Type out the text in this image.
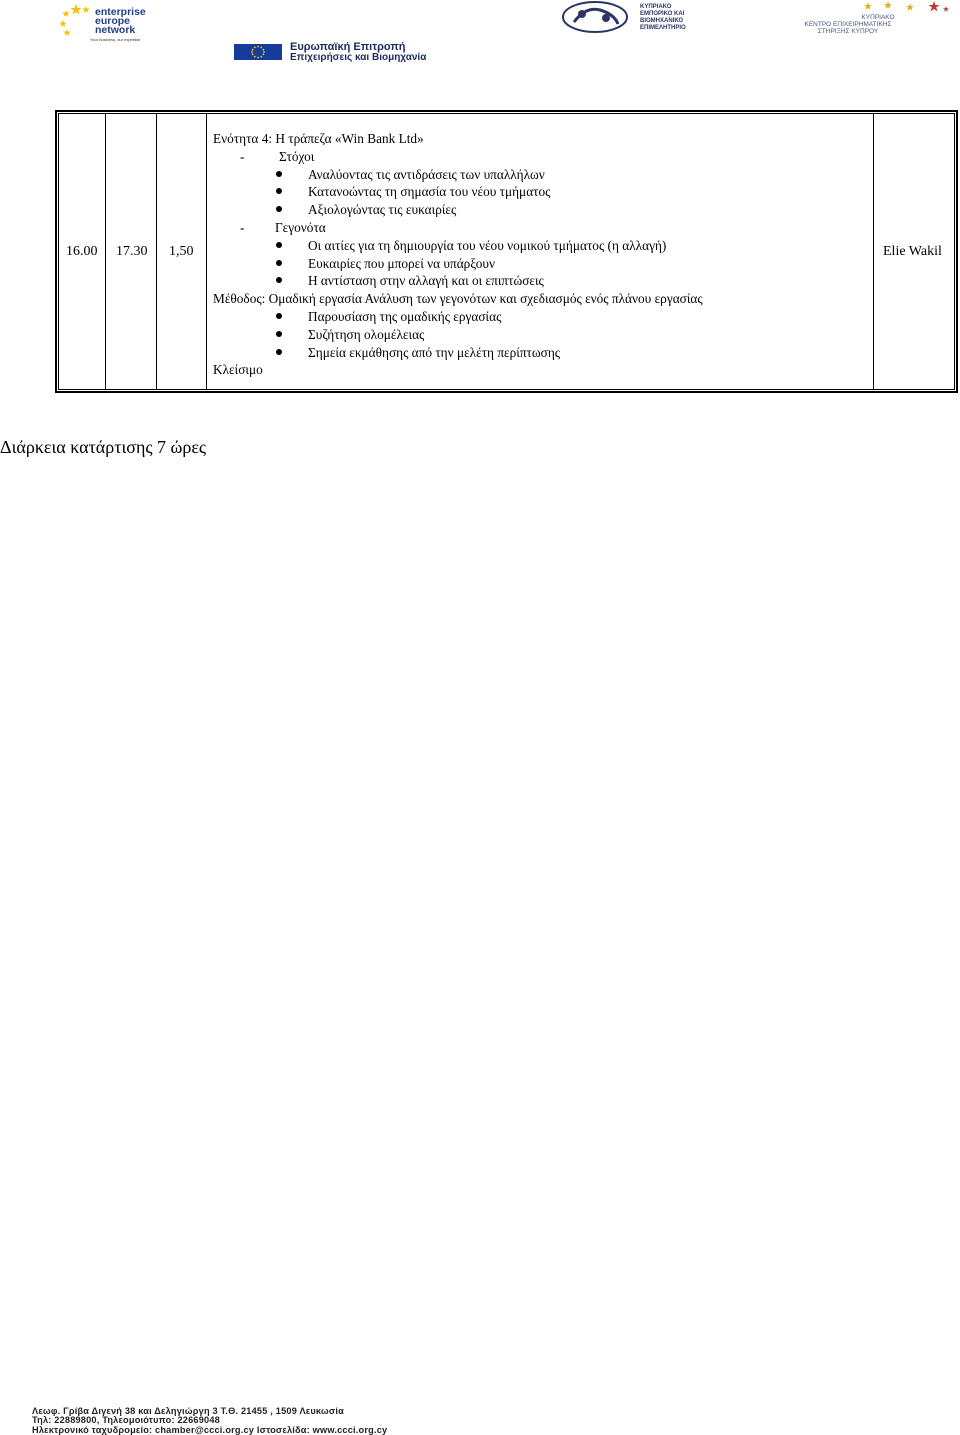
enterprise
europe
network
Your business, our expertise
Ευρωπαϊκή Επιτροπή
Επιχειρήσεις και Βιομηχανία
ΚΥΠΡΙΑΚΟ
ΕΜΠΟΡΙΚΟ ΚΑΙ
ΒΙΟΜΗΧΑΝΙΚΟ
ΕΠΙΜΕΛΗΤΗΡΙΟ
ΚΥΠΡΙΑΚΟ
ΚΕΝΤΡΟ ΕΠΙΧΕΙΡΗΜΑΤΙΚΗΣ
ΣΤΗΡΙΞΗΣ ΚΥΠΡΟΥ
16.00 17.30 1,50	Elie Wakil
Ενότητα 4: Η τράπεζα «Win Bank Ltd»
-	Στόχοι
Αναλύοντας τις αντιδράσεις των υπαλλήλων
Κατανοώντας τη σημασία του νέου τμήματος
Αξιολογώντας τις ευκαιρίες
- Γεγονότα
Οι αιτίες για τη δημιουργία του νέου νομικού τμήματος (η αλλαγή)
Ευκαιρίες που μπορεί να υπάρξουν
Η αντίσταση στην αλλαγή και οι επιπτώσεις
Μέθοδος: Ομαδική εργασία Ανάλυση των γεγονότων και σχεδιασμός ενός πλάνου εργασίας
Παρουσίαση της ομαδικής εργασίας
Συζήτηση ολομέλειας
Σημεία εκμάθησης από την μελέτη περίπτωσης
Κλείσιμο
Διάρκεια κατάρτισης 7 ώρες
Λεωφ. Γρίβα Διγενή 38 και Δεληγιώργη 3 Τ.Θ. 21455 , 1509 Λευκωσία
Τηλ: 22889800, Τηλεομοιότυπο: 22669048
Ηλεκτρονικό ταχυδρομείο: chamber@ccci.org.cy Ιστοσελίδα: www.ccci.org.cy
